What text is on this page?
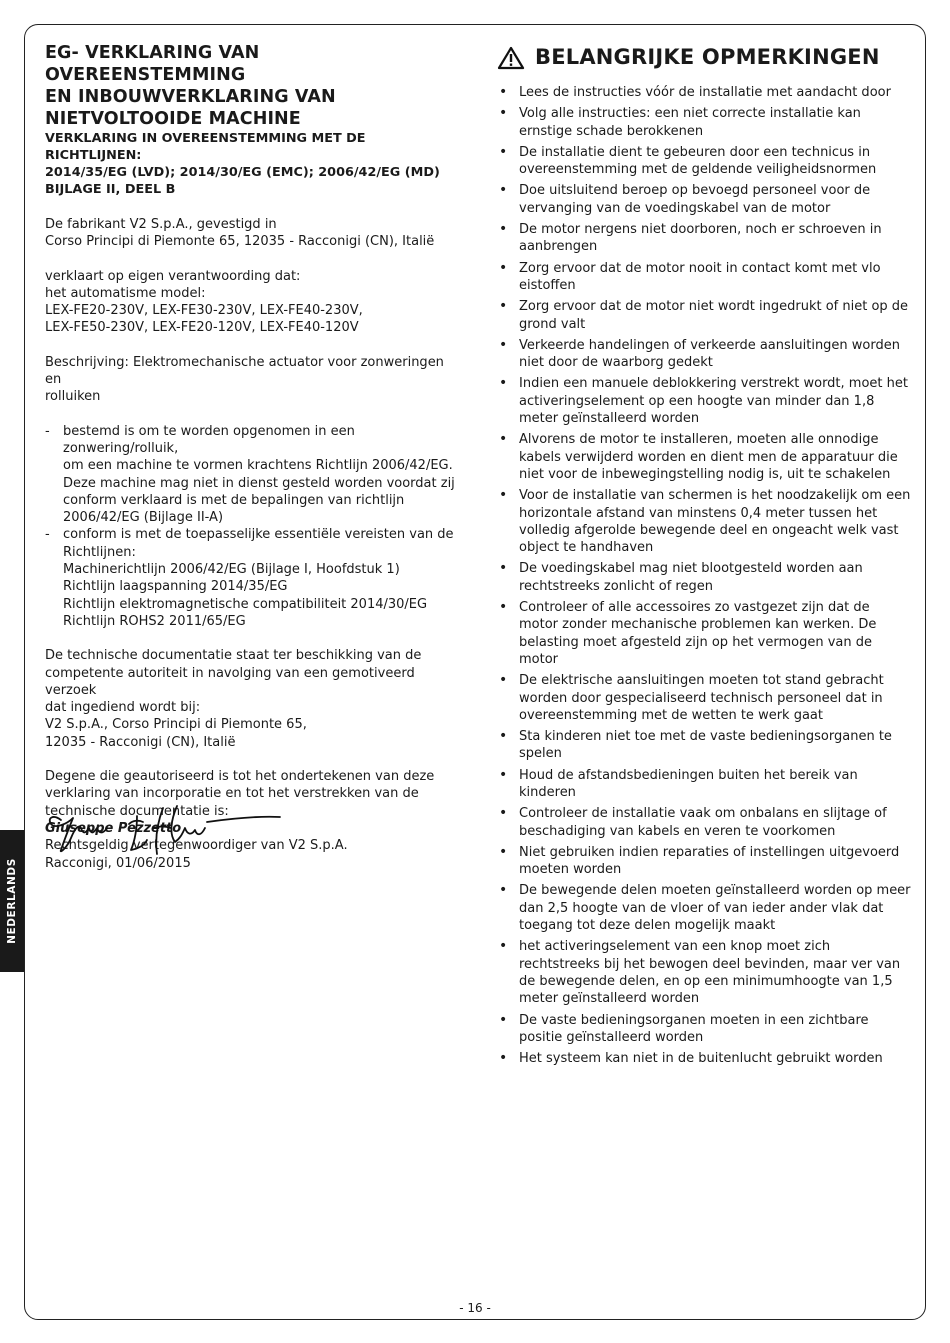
NEDERLANDS
EG- VERKLARING VAN OVEREENSTEMMING
EN INBOUWVERKLARING VAN
NIETVOLTOOIDE MACHINE

VERKLARING IN OVEREENSTEMMING MET DE RICHTLIJNEN:
2014/35/EG (LVD); 2014/30/EG (EMC); 2006/42/EG (MD)
BIJLAGE II, DEEL B

De fabrikant V2 S.p.A., gevestigd in
Corso Principi di Piemonte 65, 12035 - Racconigi (CN), Italië

verklaart op eigen verantwoording dat:
het automatisme model:
LEX-FE20-230V, LEX-FE30-230V, LEX-FE40-230V,
LEX-FE50-230V, LEX-FE20-120V, LEX-FE40-120V

Beschrijving: Elektromechanische actuator voor zonweringen en
rolluiken

- bestemd is om te worden opgenomen in een zonwering/rolluik,
om een machine te vormen krachtens Richtlijn 2006/42/EG.
Deze machine mag niet in dienst gesteld worden voordat zij
conform verklaard is met de bepalingen van richtlijn
2006/42/EG (Bijlage II-A)
- conform is met de toepasselijke essentiële vereisten van de
Richtlijnen:
Machinerichtlijn 2006/42/EG (Bijlage I, Hoofdstuk 1)
Richtlijn laagspanning 2014/35/EG
Richtlijn elektromagnetische compatibiliteit 2014/30/EG
Richtlijn ROHS2 2011/65/EG

De technische documentatie staat ter beschikking van de
competente autoriteit in navolging van een gemotiveerd verzoek
dat ingediend wordt bij:
V2 S.p.A., Corso Principi di Piemonte 65,
12035 - Racconigi (CN), Italië

Degene die geautoriseerd is tot het ondertekenen van deze
verklaring van incorporatie en tot het verstrekken van de
technische documentatie is:
Giuseppe Pezzetto
Rechtsgeldig vertegenwoordiger van V2 S.p.A.
Racconigi, 01/06/2015
BELANGRIJKE OPMERKINGEN
• Lees de instructies vóór de installatie met aandacht door
• Volg alle instructies: een niet correcte installatie kan ernstige schade berokkenen
• De installatie dient te gebeuren door een technicus in overeenstemming met de geldende veiligheidsnormen
• Doe uitsluitend beroep op bevoegd personeel voor de vervanging van de voedingskabel van de motor
• De motor nergens niet doorboren, noch er schroeven in aanbrengen
• Zorg ervoor dat de motor nooit in contact komt met vlo eistoffen
• Zorg ervoor dat de motor niet wordt ingedrukt of niet op de grond valt
• Verkeerde handelingen of verkeerde aansluitingen worden niet door de waarborg gedekt
• Indien een manuele deblokkering verstrekt wordt, moet het activeringselement op een hoogte van minder dan 1,8 meter geïnstalleerd worden
• Alvorens de motor te installeren, moeten alle onnodige kabels verwijderd worden en dient men de apparatuur die niet voor de inbewegingstelling nodig is, uit te schakelen
• Voor de installatie van schermen is het noodzakelijk om een horizontale afstand van minstens 0,4 meter tussen het volledig afgerolde bewegende deel en ongeacht welk vast object te handhaven
• De voedingskabel mag niet blootgesteld worden aan rechtstreeks zonlicht of regen
• Controleer of alle accessoires zo vastgezet zijn dat de motor zonder mechanische problemen kan werken. De belasting moet afgesteld zijn op het vermogen van de motor
• De elektrische aansluitingen moeten tot stand gebracht worden door gespecialiseerd technisch personeel dat in overeenstemming met de wetten te werk gaat
• Sta kinderen niet toe met de vaste bedieningsorganen te spelen
• Houd de afstandsbedieningen buiten het bereik van kinderen
• Controleer de installatie vaak om onbalans en slijtage of beschadiging van kabels en veren te voorkomen
• Niet gebruiken indien reparaties of instellingen uitgevoerd moeten worden
• De bewegende delen moeten geïnstalleerd worden op meer dan 2,5 hoogte van de vloer of van ieder ander vlak dat toegang tot deze delen mogelijk maakt
• het activeringselement van een knop moet zich rechtstreeks bij het bewogen deel bevinden, maar ver van de bewegende delen, en op een minimumhoogte van 1,5 meter geïnstalleerd worden
• De vaste bedieningsorganen moeten in een zichtbare positie geïnstalleerd worden
• Het systeem kan niet in de buitenlucht gebruikt worden
- 16 -
